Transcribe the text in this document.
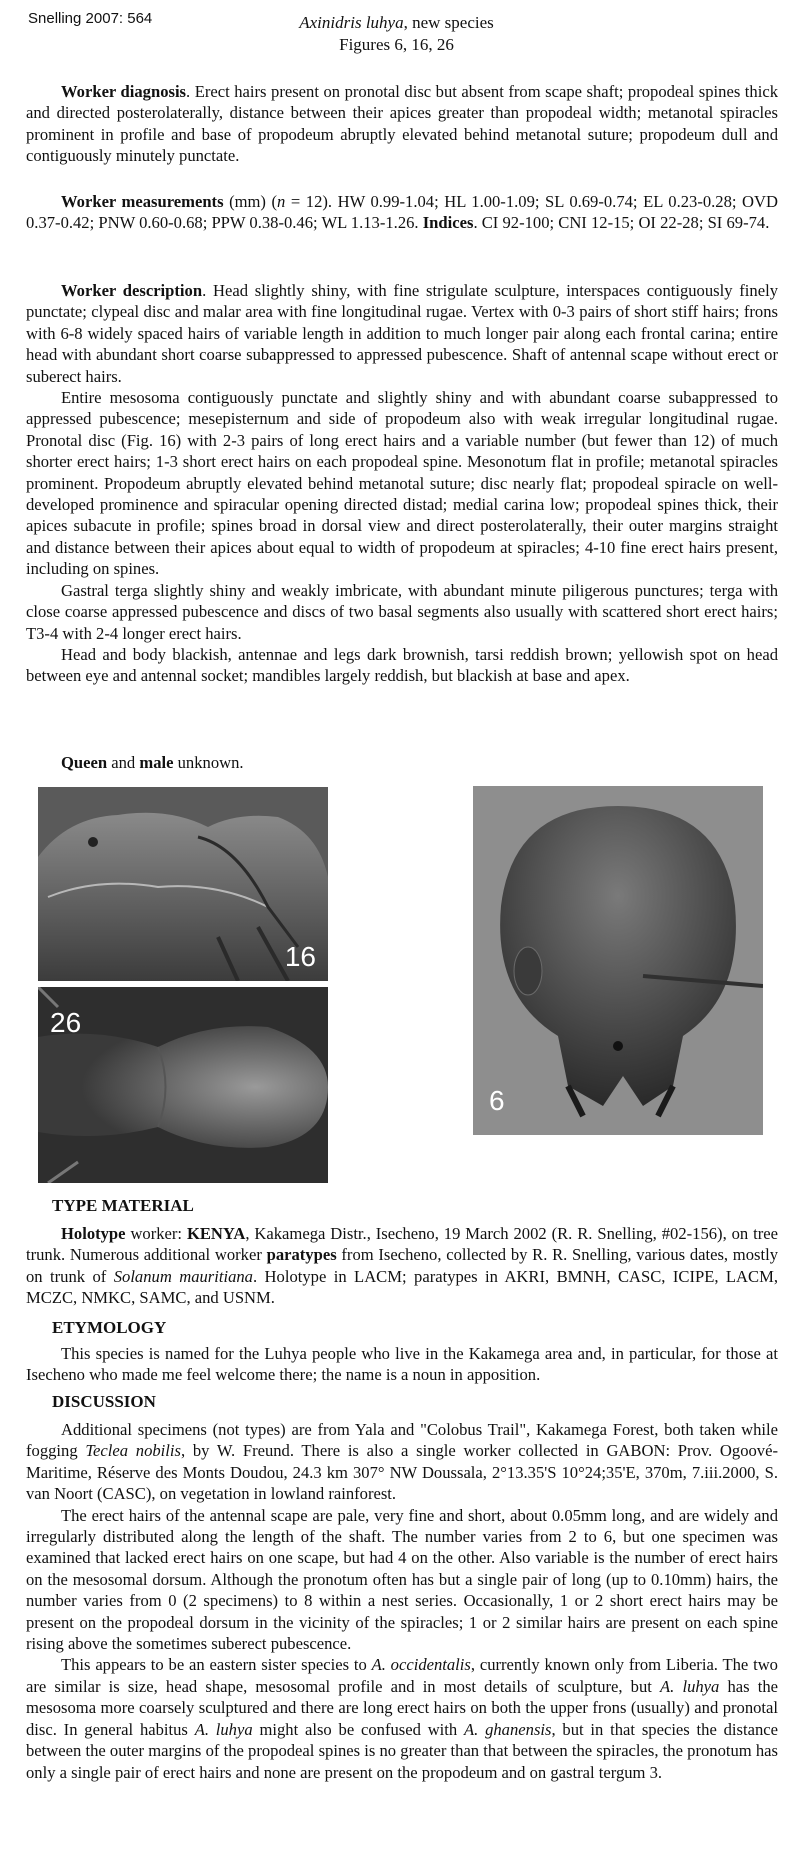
Snelling 2007: 564	Axinidris luhya, new species
Figures 6, 16, 26
Worker diagnosis. Erect hairs present on pronotal disc but absent from scape shaft; propodeal spines thick and directed posterolaterally, distance between their apices greater than propodeal width; metanotal spiracles prominent in profile and base of propodeum abruptly elevated behind metanotal suture; propodeum dull and contiguously minutely punctate.
Worker measurements (mm) (n = 12). HW 0.99-1.04; HL 1.00-1.09; SL 0.69-0.74; EL 0.23-0.28; OVD 0.37-0.42; PNW 0.60-0.68; PPW 0.38-0.46; WL 1.13-1.26. Indices. CI 92-100; CNI 12-15; OI 22-28; SI 69-74.
Worker description. Head slightly shiny, with fine strigulate sculpture, interspaces contiguously finely punctate; clypeal disc and malar area with fine longitudinal rugae. Vertex with 0-3 pairs of short stiff hairs; frons with 6-8 widely spaced hairs of variable length in addition to much longer pair along each frontal carina; entire head with abundant short coarse subappressed to appressed pubescence. Shaft of antennal scape without erect or suberect hairs.
Entire mesosoma contiguously punctate and slightly shiny and with abundant coarse subappressed to appressed pubescence; mesepisternum and side of propodeum also with weak irregular longitudinal rugae. Pronotal disc (Fig. 16) with 2-3 pairs of long erect hairs and a variable number (but fewer than 12) of much shorter erect hairs; 1-3 short erect hairs on each propodeal spine. Mesonotum flat in profile; metanotal spiracles prominent. Propodeum abruptly elevated behind metanotal suture; disc nearly flat; propodeal spiracle on well-developed prominence and spiracular opening directed distad; medial carina low; propodeal spines thick, their apices subacute in profile; spines broad in dorsal view and direct posterolaterally, their outer margins straight and distance between their apices about equal to width of propodeum at spiracles; 4-10 fine erect hairs present, including on spines.
Gastral terga slightly shiny and weakly imbricate, with abundant minute piligerous punctures; terga with close coarse appressed pubescence and discs of two basal segments also usually with scattered short erect hairs; T3-4 with 2-4 longer erect hairs.
Head and body blackish, antennae and legs dark brownish, tarsi reddish brown; yellowish spot on head between eye and antennal socket; mandibles largely reddish, but blackish at base and apex.
Queen and male unknown.
16
26
6
TYPE MATERIAL
Holotype worker: KENYA, Kakamega Distr., Isecheno, 19 March 2002 (R. R. Snelling, #02-156), on tree trunk. Numerous additional worker paratypes from Isecheno, collected by R. R. Snelling, various dates, mostly on trunk of Solanum mauritiana. Holotype in LACM; paratypes in AKRI, BMNH, CASC, ICIPE, LACM, MCZC, NMKC, SAMC, and USNM.
ETYMOLOGY
This species is named for the Luhya people who live in the Kakamega area and, in particular, for those at Isecheno who made me feel welcome there; the name is a noun in apposition.
DISCUSSION
Additional specimens (not types) are from Yala and "Colobus Trail", Kakamega Forest, both taken while fogging Teclea nobilis, by W. Freund. There is also a single worker collected in GABON: Prov. Ogoové-Maritime, Réserve des Monts Doudou, 24.3 km 307° NW Doussala, 2°13.35'S 10°24;35'E, 370m, 7.iii.2000, S. van Noort (CASC), on vegetation in lowland rainforest.
The erect hairs of the antennal scape are pale, very fine and short, about 0.05mm long, and are widely and irregularly distributed along the length of the shaft. The number varies from 2 to 6, but one specimen was examined that lacked erect hairs on one scape, but had 4 on the other. Also variable is the number of erect hairs on the mesosomal dorsum. Although the pronotum often has but a single pair of long (up to 0.10mm) hairs, the number varies from 0 (2 specimens) to 8 within a nest series. Occasionally, 1 or 2 short erect hairs may be present on the propodeal dorsum in the vicinity of the spiracles; 1 or 2 similar hairs are present on each spine rising above the sometimes suberect pubescence.
This appears to be an eastern sister species to A. occidentalis, currently known only from Liberia. The two are similar is size, head shape, mesosomal profile and in most details of sculpture, but A. luhya has the mesosoma more coarsely sculptured and there are long erect hairs on both the upper frons (usually) and pronotal disc. In general habitus A. luhya might also be confused with A. ghanensis, but in that species the distance between the outer margins of the propodeal spines is no greater than that between the spiracles, the pronotum has only a single pair of erect hairs and none are present on the propodeum and on gastral tergum 3.
